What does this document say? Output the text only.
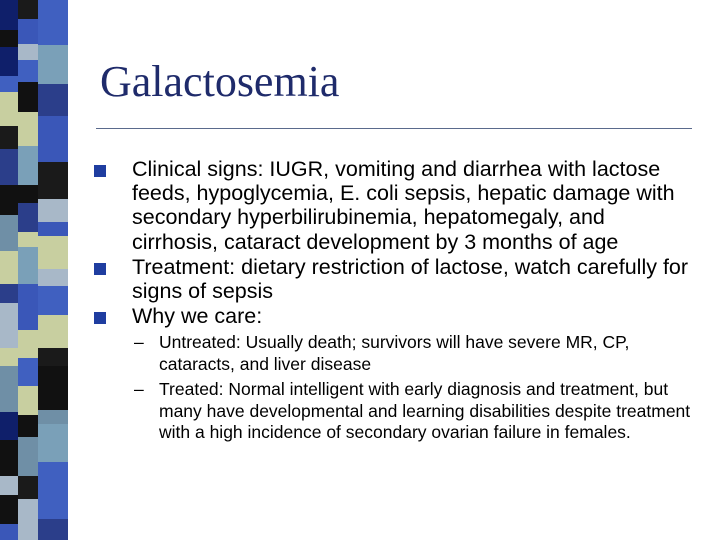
Galactosemia
Clinical signs: IUGR, vomiting and diarrhea with lactose feeds, hypoglycemia, E. coli sepsis, hepatic damage with secondary hyperbilirubinemia, hepatomegaly, and cirrhosis, cataract development by 3 months of age
Treatment: dietary restriction of lactose, watch carefully for signs of sepsis
Why we care:
– Untreated: Usually death; survivors will have severe MR, CP, cataracts, and liver disease
– Treated: Normal intelligent with early diagnosis and treatment, but many have developmental and learning disabilities despite treatment with a high incidence of secondary ovarian failure in females.
